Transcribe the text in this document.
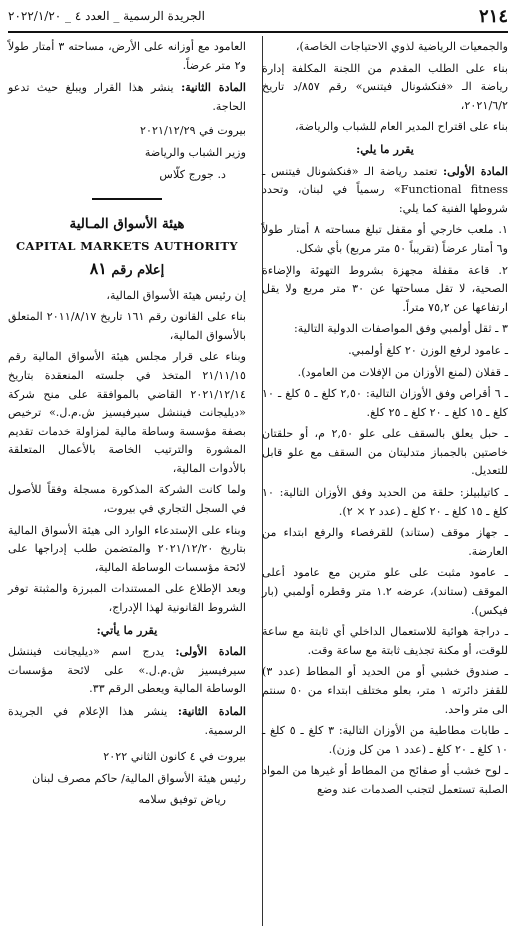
٢١٤
الجريدة الرسمية _ العدد ٤ _ ٢٠٢٢/١/٢٠

والجمعيات الرياضية لذوي الاحتياجات الخاصة)،

بناء على الطلب المقدم من اللجنة المكلفة إدارة رياضة الـ «فنكشونال فيتنس» رقم ٨٥٧/د تاريخ ٢٠٢١/٦/٢،

بناء على اقتراح المدير العام للشباب والرياضة،

يقرر ما يلي:

المادة الأولى: تعتمد رياضة الـ «فنكشونال فيتنس ـ Functional fitness» رسمياً في لبنان، وتحدد شروطها الفنية كما يلي:

١. ملعب خارجي أو مقفل تبلغ مساحته ٨ أمتار طولاً و٦ أمتار عرضاً (تقريباً ٥٠ متر مربع) بأي شكل.

٢. قاعة مقفلة مجهزة بشروط التهوئة والإضاءة الصحية، لا تقل مساحتها عن ٣٠ متر مربع ولا يقل ارتفاعها عن ٧٥,٢ متراً.

٣ ـ ثقل أولمبي وفق المواصفات الدولية التالية:

ـ عامود لرفع الوزن ٢٠ كلغ أولمبي.

ـ قفلان (لمنع الأوزان من الإفلات من العامود).

ـ ٦ أقراص وفق الأوزان التالية: ٢,٥٠ كلغ ـ ٥ كلغ ـ ١٠ كلغ ـ ١٥ كلغ ـ ٢٠ كلغ ـ ٢٥ كلغ.

ـ حبل يعلق بالسقف على علو ٢,٥٠ م، أو حلقتان خاصتين بالجمباز متدليتان من السقف مع علو قابل للتعديل.

ـ كاتيلبيلز: حلقة من الحديد وفق الأوزان التالية: ١٠ كلغ ـ ١٥ كلغ ـ ٢٠ كلغ ـ (عدد ٢ × ٢).

ـ جهاز موقف (ستاند) للقرفصاء والرفع ابتداء من العارضة.

ـ عامود مثبت على علو مترين مع عامود أعلى الموقف (ستاند)، عرضه ١.٢ متر وقطره أولمبي (بار فيكس).

ـ دراجة هوائية للاستعمال الداخلي أي ثابتة مع ساعة للوقت، أو مكنة تجذيف ثابتة مع ساعة وقت.

ـ صندوق خشبي أو من الحديد أو المطاط (عدد ٣) للقفز دائرته ١ متر، بعلو مختلف ابتداء من ٥٠ سنتم الى متر واحد.

ـ طابات مطاطية من الأوزان التالية: ٣ كلغ ـ ٥ كلغ ـ ١٠ كلغ ـ ٢٠ كلغ ـ (عدد ١ من كل وزن).

ـ لوح خشب أو صفائح من المطاط أو غيرها من المواد الصلبة تستعمل لتجنب الصدمات عند وضع

العامود مع أوزانه على الأرض، مساحته ٣ أمتار طولاً و٢ متر عرضاً.

المادة الثانية: ينشر هذا القرار ويبلغ حيث تدعو الحاجة.

بيروت في ٢٠٢١/١٢/٢٩

وزير الشباب والرياضة

د. جورج كلّاس

هيئة الأسواق المـالية
CAPITAL MARKETS AUTHORITY
إعلام رقم ٨١

إن رئيس هيئة الأسواق المالية،

بناء على القانون رقم ١٦١ تاريخ ٢٠١١/٨/١٧ المتعلق بالأسواق المالية،

وبناء على قرار مجلس هيئة الأسواق المالية رقم ٢١/١١/١٥ المتخذ في جلسته المنعقدة بتاريخ ٢٠٢١/١٢/١٤ القاضي بالموافقة على منح شركة «ديليجانت فيننشل سيرفيسيز ش.م.ل.» ترخيص بصفة مؤسسة وساطة مالية لمزاولة خدمات تقديم المشورة والترتيب الخاصة بالأعمال المتعلقة بالأدوات المالية،

ولما كانت الشركة المذكورة مسجلة وفقاً للأصول في السجل التجاري في بيروت،

وبناء على الإستدعاء الوارد الى هيئة الأسواق المالية بتاريخ ٢٠٢١/١٢/٢٠ والمتضمن طلب إدراجها على لائحة مؤسسات الوساطة المالية،

وبعد الإطلاع على المستندات المبرزة والمثبتة توفر الشروط القانونية لهذا الإدراج،

يقرر ما يأتي:

المادة الأولى: يدرج اسم «ديليجانت فيننشل سيرفيسيز ش.م.ل.» على لائحة مؤسسات الوساطة المالية ويعطى الرقم ٣٣.

المادة الثانية: ينشر هذا الإعلام في الجريدة الرسمية.

بيروت في ٤ كانون الثاني ٢٠٢٢

رئيس هيئة الأسواق المالية/ حاكم مصرف لبنان

رياض توفيق سلامه
